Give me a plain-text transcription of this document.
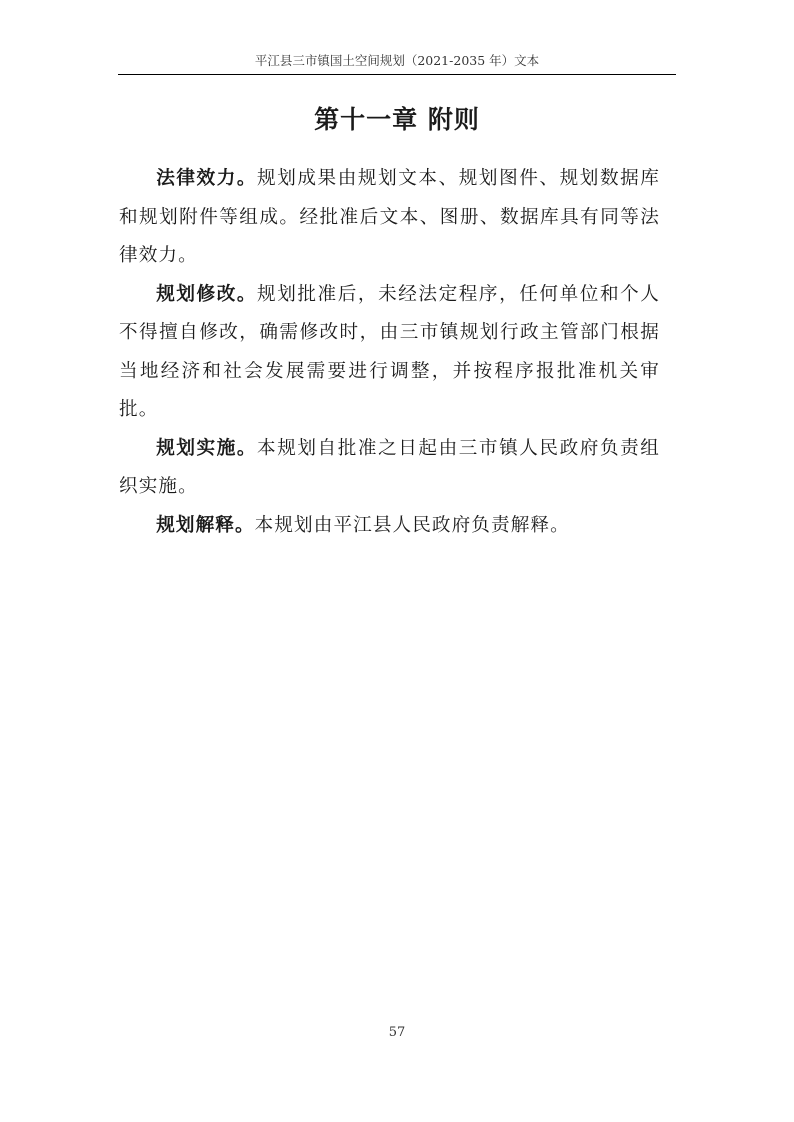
平江县三市镇国土空间规划（2021-2035 年）文本
第十一章 附则

法律效力。规划成果由规划文本、规划图件、规划数据库和规划附件等组成。经批准后文本、图册、数据库具有同等法律效力。

规划修改。规划批准后，未经法定程序，任何单位和个人不得擅自修改，确需修改时，由三市镇规划行政主管部门根据当地经济和社会发展需要进行调整，并按程序报批准机关审批。

规划实施。本规划自批准之日起由三市镇人民政府负责组织实施。

规划解释。本规划由平江县人民政府负责解释。

57
